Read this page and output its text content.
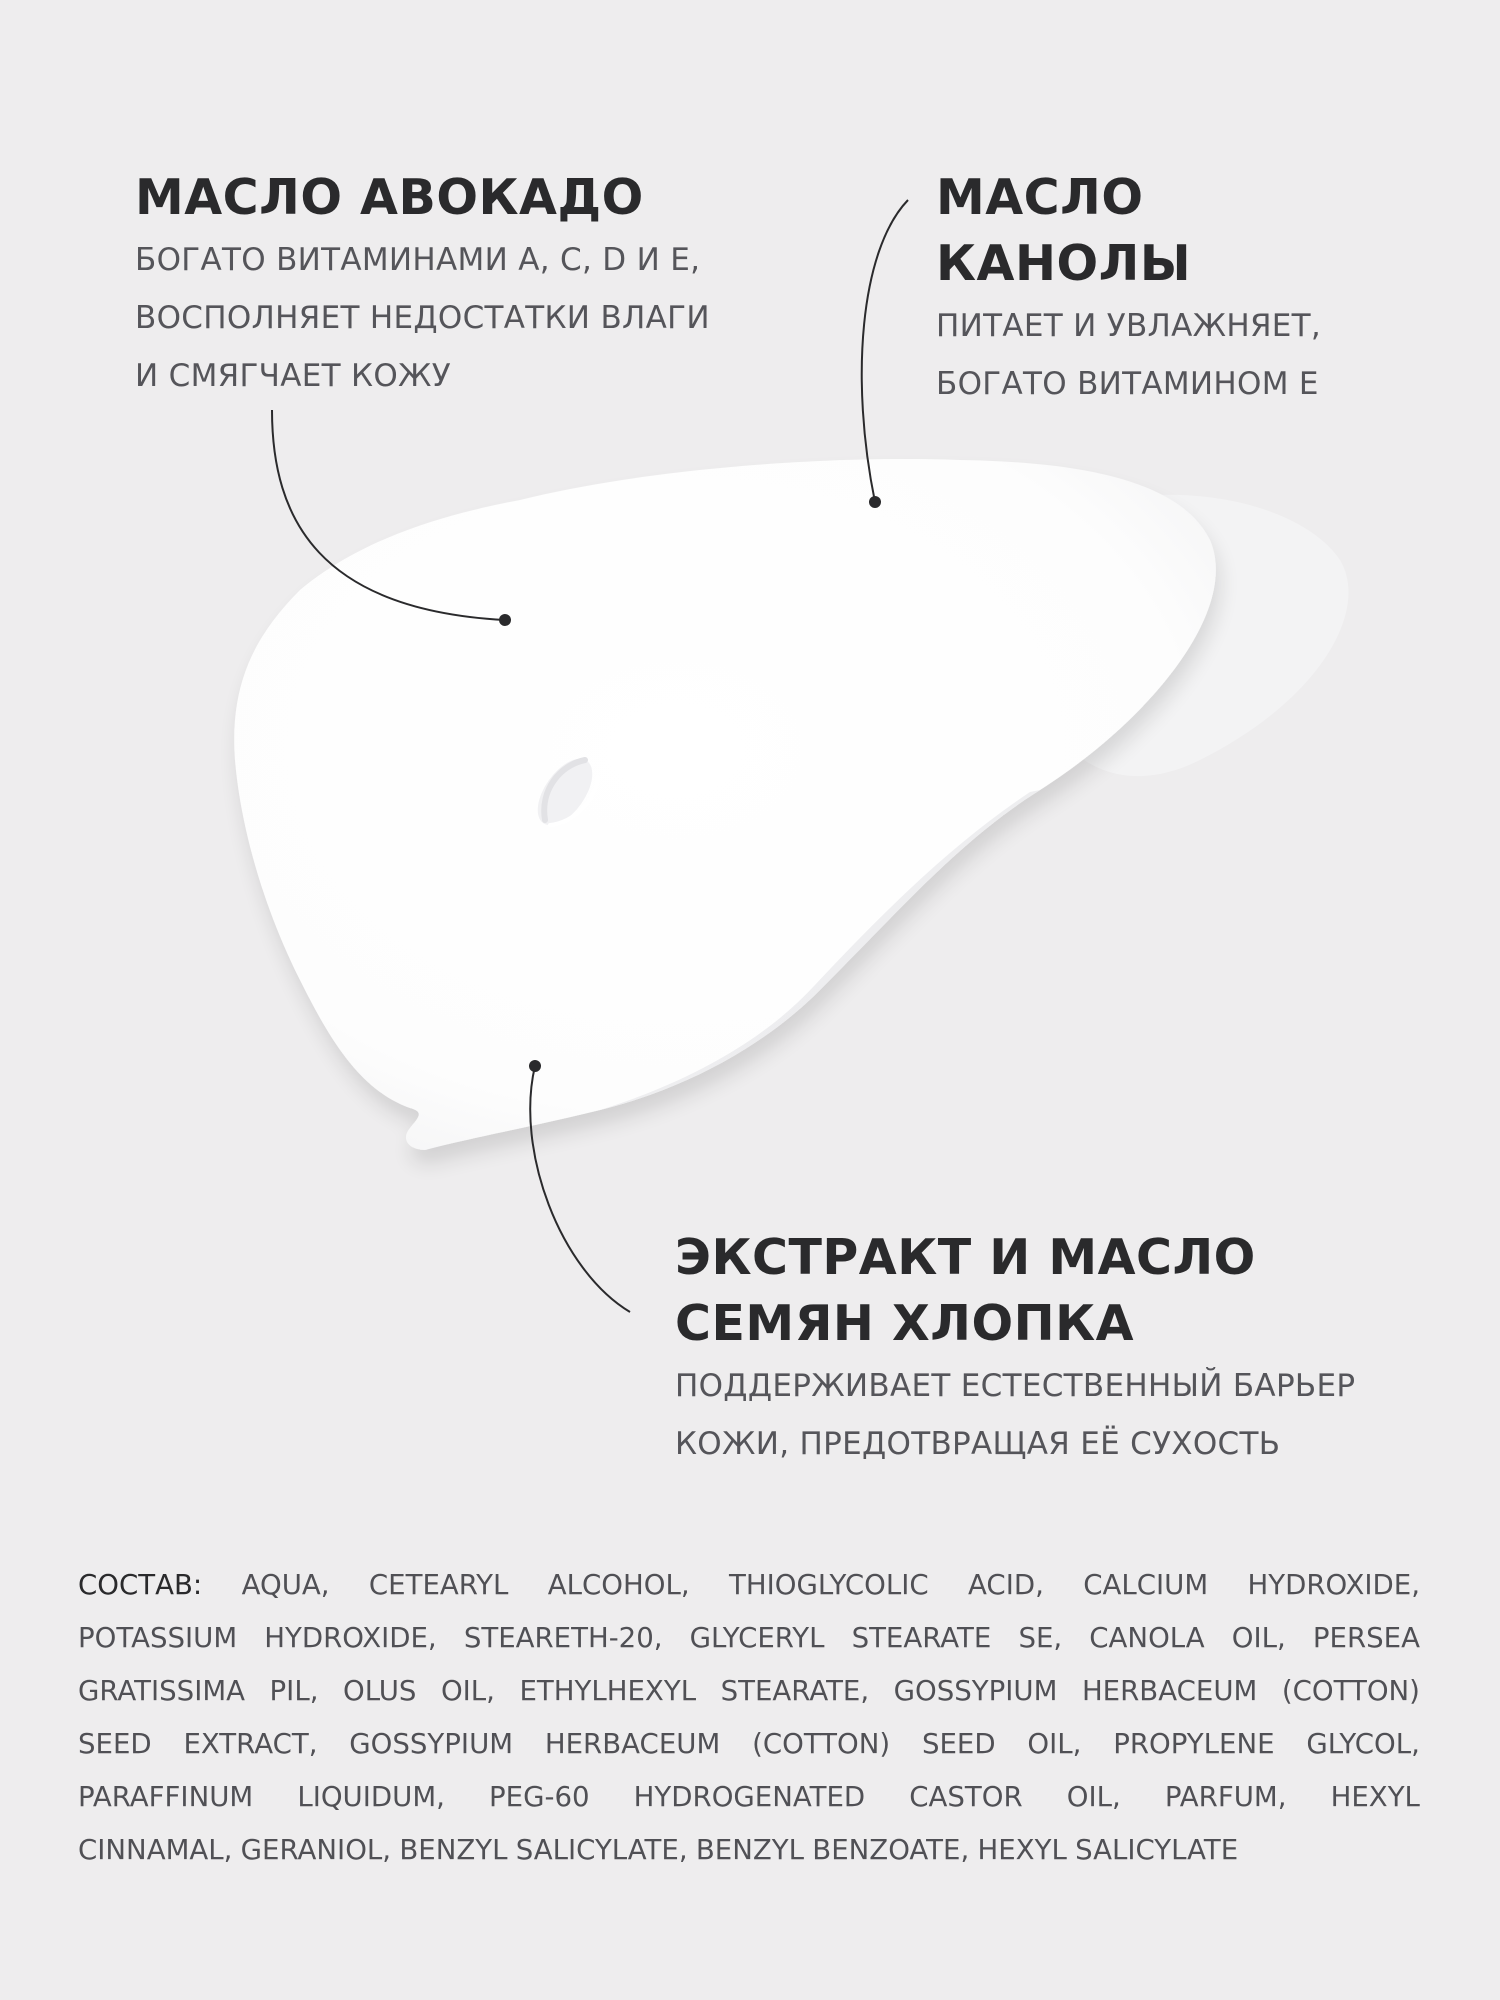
МАСЛО АВОКАДО

БОГАТО ВИТАМИНАМИ А, С, D И Е,
ВОСПОЛНЯЕТ НЕДОСТАТКИ ВЛАГИ
И СМЯГЧАЕТ КОЖУ

МАСЛО
КАНОЛЫ

ПИТАЕТ И УВЛАЖНЯЕТ,
БОГАТО ВИТАМИНОМ Е

ЭКСТРАКТ И МАСЛО
СЕМЯН ХЛОПКА

ПОДДЕРЖИВАЕТ ЕСТЕСТВЕННЫЙ БАРЬЕР
КОЖИ, ПРЕДОТВРАЩАЯ ЕЁ СУХОСТЬ

СОСТАВ: AQUA, CETEARYL ALCOHOL, THIOGLYCOLIC ACID, CALCIUM HYDROXIDE,
POTASSIUM HYDROXIDE, STEARETH-20, GLYCERYL STEARATE SE, CANOLA OIL, PERSEA
GRATISSIMA PIL, OLUS OIL, ETHYLHEXYL STEARATE, GOSSYPIUM HERBACEUM (COTTON)
SEED EXTRACT, GOSSYPIUM HERBACEUM (COTTON) SEED OIL, PROPYLENE GLYCOL,
PARAFFINUM LIQUIDUM, PEG-60 HYDROGENATED CASTOR OIL, PARFUM, HEXYL
CINNAMAL, GERANIOL, BENZYL SALICYLATE, BENZYL BENZOATE, HEXYL SALICYLATE
